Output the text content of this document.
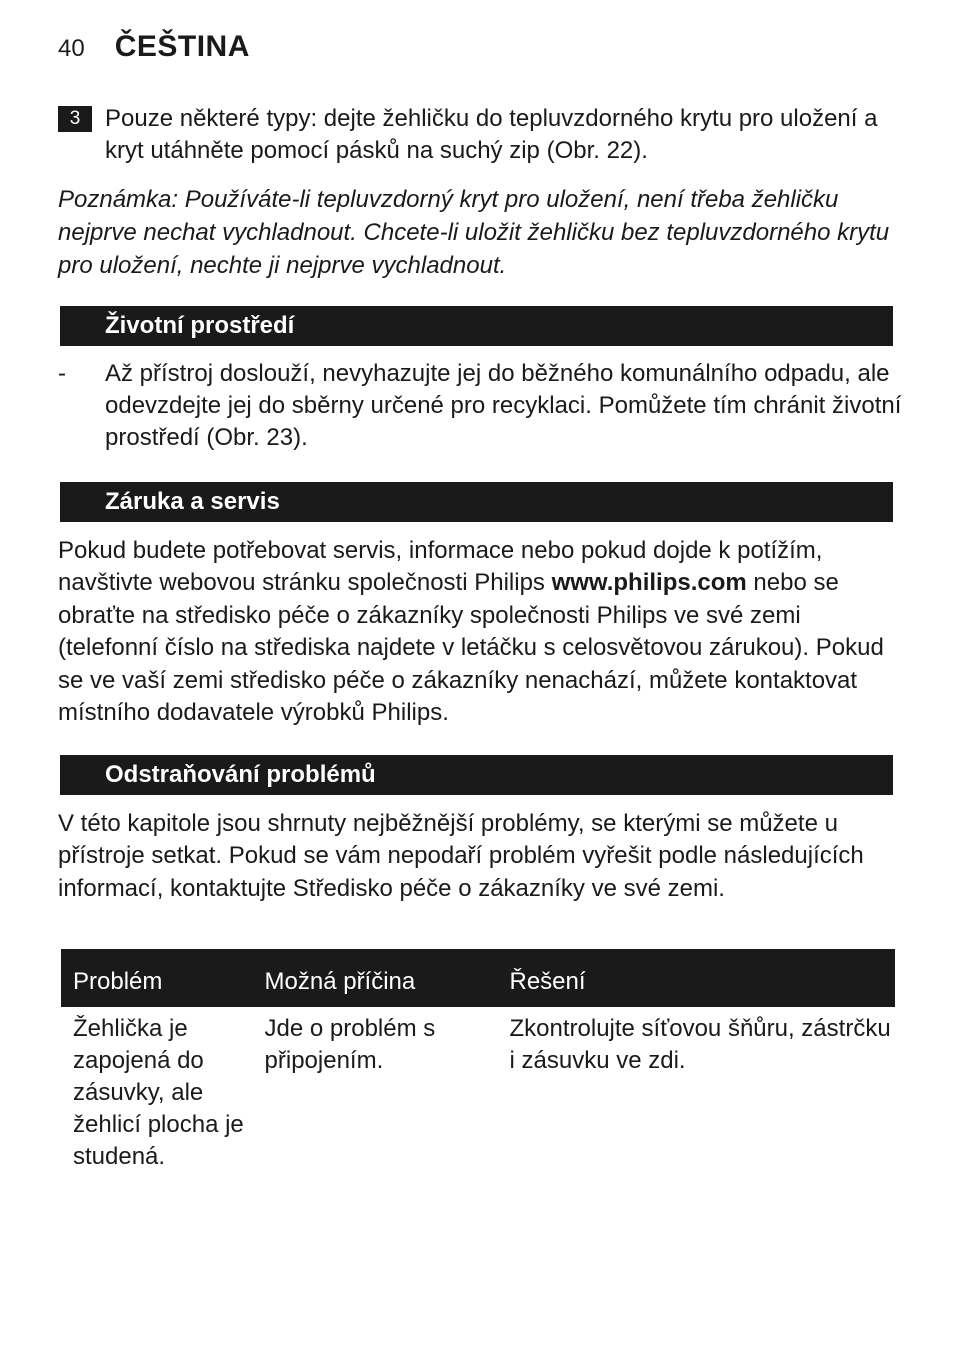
40 ČEŠTINA
3	Pouze některé typy: dejte žehličku do tepluvzdorného krytu pro uložení a kryt utáhněte pomocí pásků na suchý zip (Obr. 22).
Poznámka: Používáte-li tepluvzdorný kryt pro uložení, není třeba žehličku nejprve nechat vychladnout. Chcete-li uložit žehličku bez tepluvzdorného krytu pro uložení, nechte ji nejprve vychladnout.
Životní prostředí
- Až přístroj doslouží, nevyhazujte jej do běžného komunálního odpadu, ale odevzdejte jej do sběrny určené pro recyklaci. Pomůžete tím chránit životní prostředí (Obr. 23).
Záruka a servis
Pokud budete potřebovat servis, informace nebo pokud dojde k potížím, navštivte webovou stránku společnosti Philips www.philips.com nebo se obraťte na středisko péče o zákazníky společnosti Philips ve své zemi (telefonní číslo na střediska najdete v letáčku s celosvětovou zárukou). Pokud se ve vaší zemi středisko péče o zákazníky nenachází, můžete kontaktovat místního dodavatele výrobků Philips.
Odstraňování problémů
V této kapitole jsou shrnuty nejběžnější problémy, se kterými se můžete u přístroje setkat. Pokud se vám nepodaří problém vyřešit podle následujících informací, kontaktujte Středisko péče o zákazníky ve své zemi.
Problém	Možná příčina	Řešení
Žehlička je zapojená do zásuvky, ale žehlicí plocha je studená.	Jde o problém s připojením.	Zkontrolujte síťovou šňůru, zástrčku i zásuvku ve zdi.
